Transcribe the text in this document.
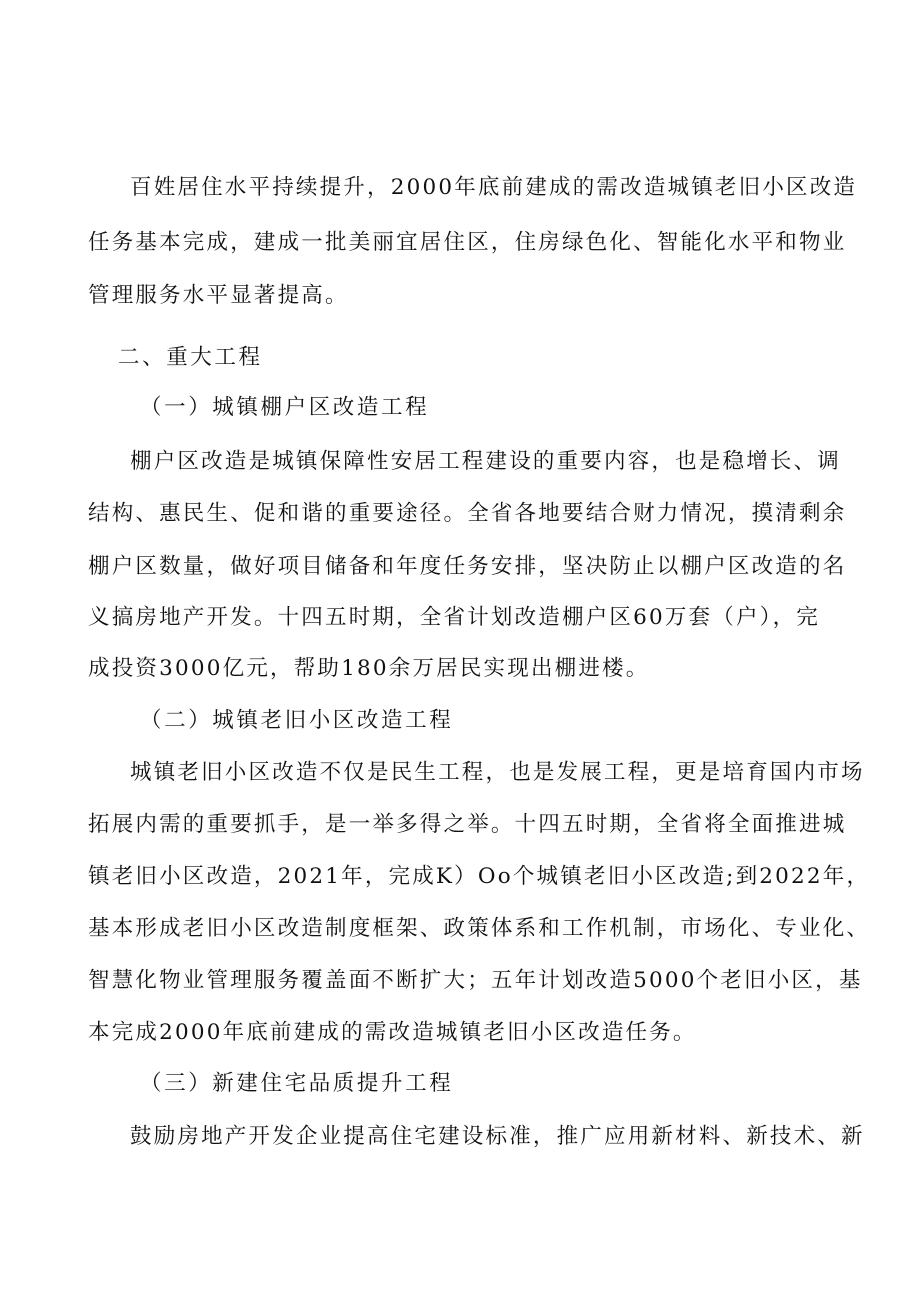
百姓居住水平持续提升，2000年底前建成的需改造城镇老旧小区改造

任务基本完成，建成一批美丽宜居住区，住房绿色化、智能化水平和物业

管理服务水平显著提高。

二、重大工程

（一）城镇棚户区改造工程

棚户区改造是城镇保障性安居工程建设的重要内容，也是稳增长、调

结构、惠民生、促和谐的重要途径。全省各地要结合财力情况，摸清剩余

棚户区数量，做好项目储备和年度任务安排，坚决防止以棚户区改造的名

义搞房地产开发。十四五时期，全省计划改造棚户区60万套（户），完

成投资3000亿元，帮助180余万居民实现出棚进楼。

（二）城镇老旧小区改造工程

城镇老旧小区改造不仅是民生工程，也是发展工程，更是培育国内市场

拓展内需的重要抓手，是一举多得之举。十四五时期，全省将全面推进城

镇老旧小区改造，2021年，完成K）Oo个城镇老旧小区改造;到2022年，

基本形成老旧小区改造制度框架、政策体系和工作机制，市场化、专业化、

智慧化物业管理服务覆盖面不断扩大；五年计划改造5000个老旧小区，基

本完成2000年底前建成的需改造城镇老旧小区改造任务。

（三）新建住宅品质提升工程

鼓励房地产开发企业提高住宅建设标准，推广应用新材料、新技术、新
